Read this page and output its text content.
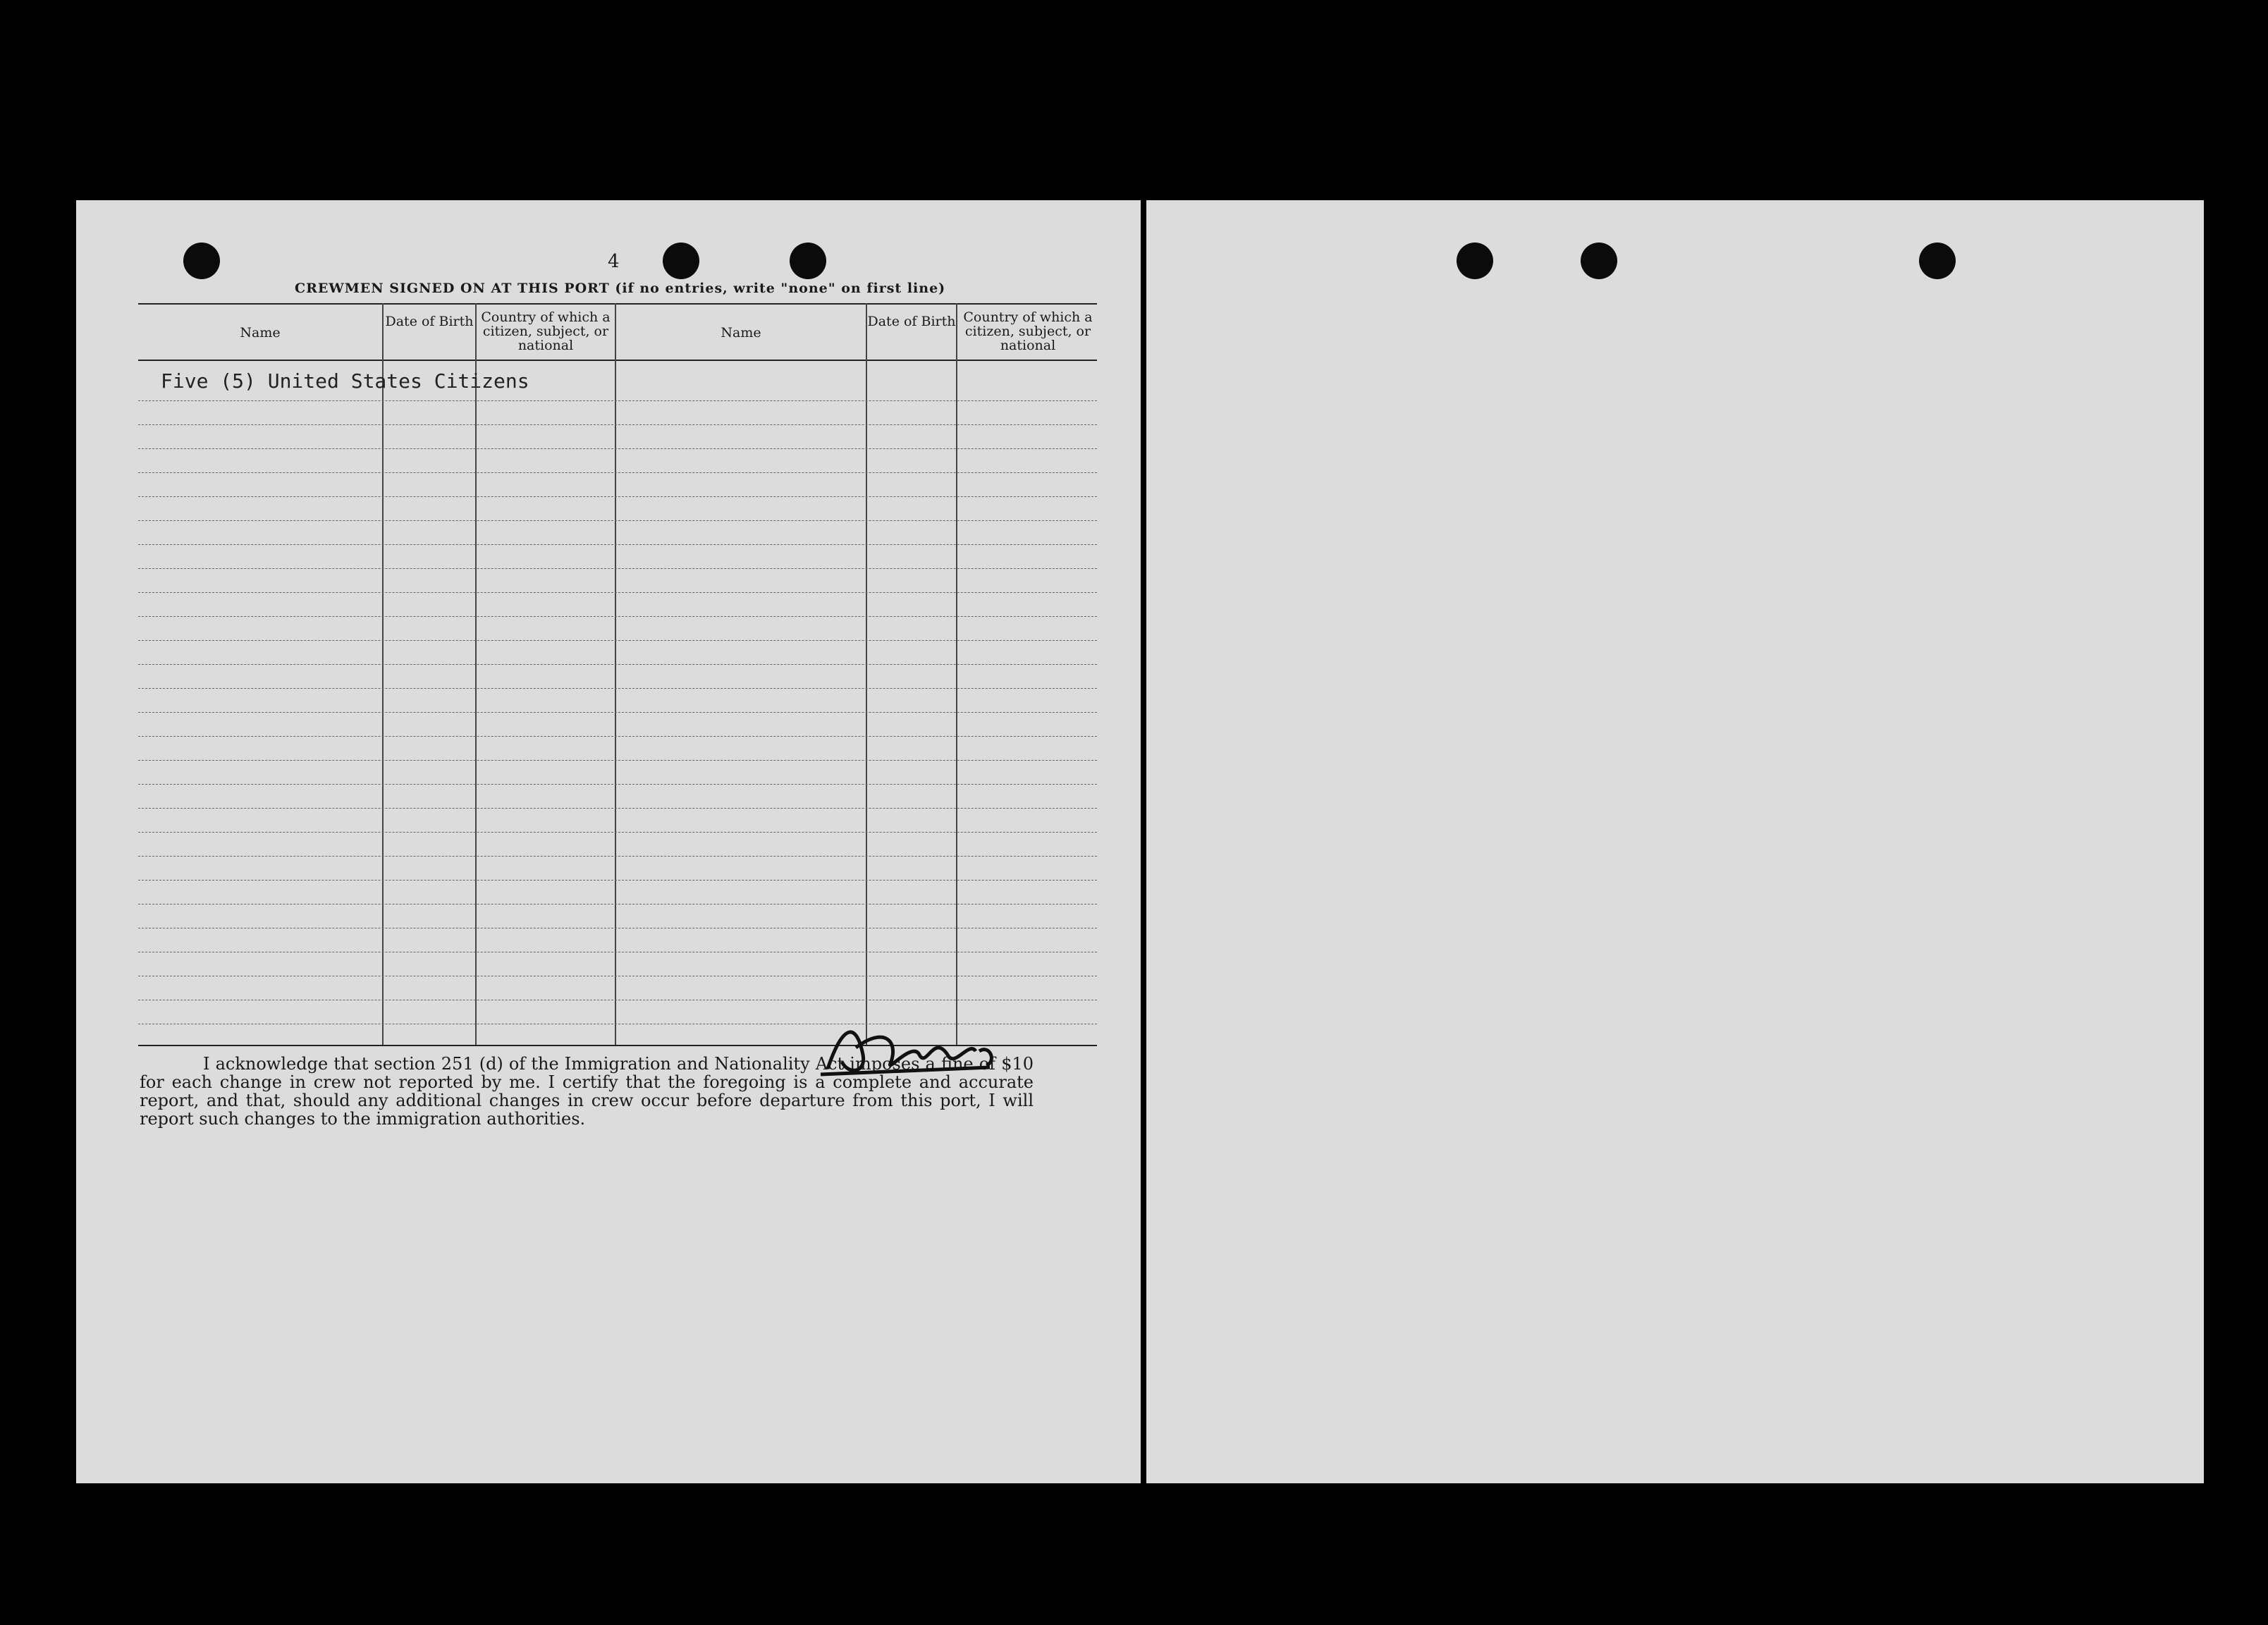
4
CREWMEN SIGNED ON AT THIS PORT (if no entries, write "none" on first line)
Name
Date of Birth Country of which a citizen, subject, or national
Name
Date of Birth Country of which a citizen, subject, or national
Five (5) United States Citizens
I acknowledge that section 251 (d) of the Immigration and Nationality Act imposes a fine of $10 for each change in crew not reported by me. I certify that the foregoing is a complete and accurate report, and that, should any additional changes in crew occur before departure from this port, I will report such changes to the immigration authorities.
